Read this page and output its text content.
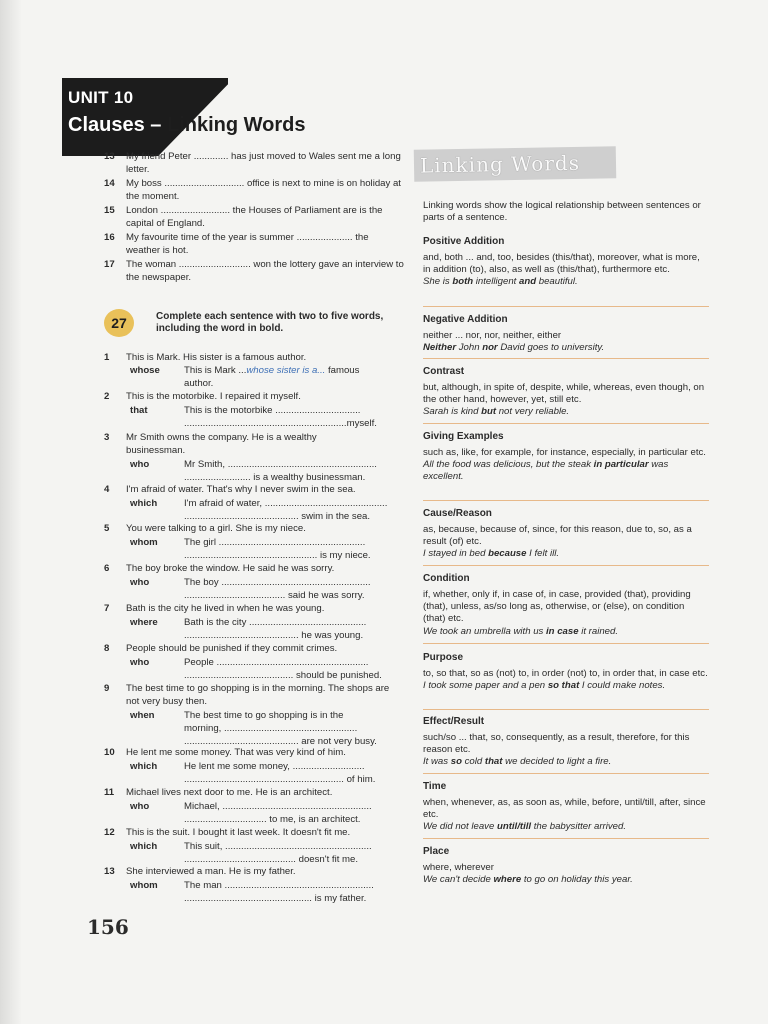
UNIT 10
Clauses – Linking Words
13	My friend Peter ............. has just moved to Wales sent me a long letter.
14	My boss .............................. office is next to mine is on holiday at the moment.
15	London .......................... the Houses of Parliament are is the capital of England.
16	My favourite time of the year is summer ..................... the weather is hot.
17	The woman ........................... won the lottery gave an interview to the newspaper.
27	Complete each sentence with two to five words, including the word in bold.
1	This is Mark. His sister is a famous author.
whose	This is Mark ...whose sister is a... famous
author.
2	This is the motorbike. I repaired it myself.
that	This is the motorbike ................................
.............................................................myself.
3	Mr Smith owns the company. He is a wealthy businessman.
who	Mr Smith, ........................................................
......................... is a wealthy businessman.
4	I'm afraid of water. That's why I never swim in the sea.
which	I'm afraid of water, ..............................................
........................................... swim in the sea.
5	You were talking to a girl. She is my niece.
whom	The girl .......................................................
.................................................. is my niece.
6	The boy broke the window. He said he was sorry.
who	The boy ........................................................
...................................... said he was sorry.
7	Bath is the city he lived in when he was young.
where	Bath is the city ............................................
........................................... he was young.
8	People should be punished if they commit crimes.
who	People .........................................................
......................................... should be punished.
9	The best time to go shopping is in the morning. The shops are not very busy then.
when	The best time to go shopping is in the
morning, ..................................................
........................................... are not very busy.
10	He lent me some money. That was very kind of him.
which	He lent me some money, ...........................
............................................................ of him.
11	Michael lives next door to me. He is an architect.
who	Michael, ........................................................
............................... to me, is an architect.
12	This is the suit. I bought it last week. It doesn't fit me.
which	This suit, .......................................................
.......................................... doesn't fit me.
13	She interviewed a man. He is my father.
whom	The man ........................................................
................................................ is my father.
156
Linking Words
Linking words show the logical relationship between sentences or parts of a sentence.
Positive Addition
and, both ... and, too, besides (this/that), moreover, what is more, in addition (to), also, as well as (this/that), furthermore etc.
She is both intelligent and beautiful.
Negative Addition
neither ... nor, nor, neither, either
Neither John nor David goes to university.
Contrast
but, although, in spite of, despite, while, whereas, even though, on the other hand, however, yet, still etc.
Sarah is kind but not very reliable.
Giving Examples
such as, like, for example, for instance, especially, in particular etc.
All the food was delicious, but the steak in particular was excellent.
Cause/Reason
as, because, because of, since, for this reason, due to, so, as a result (of) etc.
I stayed in bed because I felt ill.
Condition
if, whether, only if, in case of, in case, provided (that), providing (that), unless, as/so long as, otherwise, or (else), on condition (that) etc.
We took an umbrella with us in case it rained.
Purpose
to, so that, so as (not) to, in order (not) to, in order that, in case etc.
I took some paper and a pen so that I could make notes.
Effect/Result
such/so ... that, so, consequently, as a result, therefore, for this reason etc.
It was so cold that we decided to light a fire.
Time
when, whenever, as, as soon as, while, before, until/till, after, since etc.
We did not leave until/till the babysitter arrived.
Place
where, wherever
We can't decide where to go on holiday this year.
